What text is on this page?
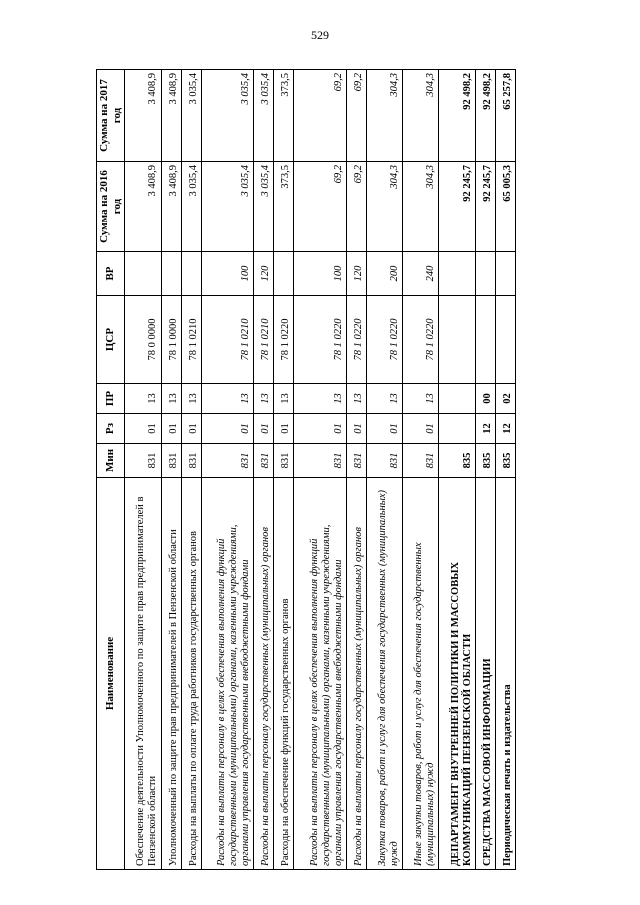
529
Наименование	Мин	Рз	ПР	ЦСР	ВР	Сумма на 2016 год	Сумма на 2017 год
Обеспечение деятельности Уполномоченного по защите прав предпринимателей в Пензенской области	831	01	13	78 0 0000		3 408,9	3 408,9
Уполномоченный по защите прав предпринимателей в Пензенской области	831	01	13	78 1 0000		3 408,9	3 408,9
Расходы на выплаты по оплате труда работников государственных органов	831	01	13	78 1 0210		3 035,4	3 035,4
Расходы на выплаты персоналу в целях обеспечения выполнения функций государственными (муниципальными) органами, казенными учреждениями, органами управления государственными внебюджетными фондами	831	01	13	78 1 0210	100	3 035,4	3 035,4
Расходы на выплаты персоналу государственных (муниципальных) органов	831	01	13	78 1 0210	120	3 035,4	3 035,4
Расходы на обеспечение функций государственных органов	831	01	13	78 1 0220		373,5	373,5
Расходы на выплаты персоналу в целях обеспечения выполнения функций государственными (муниципальными) органами, казенными учреждениями, органами управления государственными внебюджетными фондами	831	01	13	78 1 0220	100	69,2	69,2
Расходы на выплаты персоналу государственных (муниципальных) органов	831	01	13	78 1 0220	120	69,2	69,2
Закупка товаров, работ и услуг для обеспечения государственных (муниципальных) нужд	831	01	13	78 1 0220	200	304,3	304,3
Иные закупки товаров, работ и услуг для обеспечения государственных (муниципальных) нужд	831	01	13	78 1 0220	240	304,3	304,3
ДЕПАРТАМЕНТ ВНУТРЕННЕЙ ПОЛИТИКИ И МАССОВЫХ КОММУНИКАЦИЙ ПЕНЗЕНСКОЙ ОБЛАСТИ	835					92 245,7	92 498,2
СРЕДСТВА МАССОВОЙ ИНФОРМАЦИИ	835	12	00			92 245,7	92 498,2
Периодическая печать и издательства	835	12	02			65 005,3	65 257,8
